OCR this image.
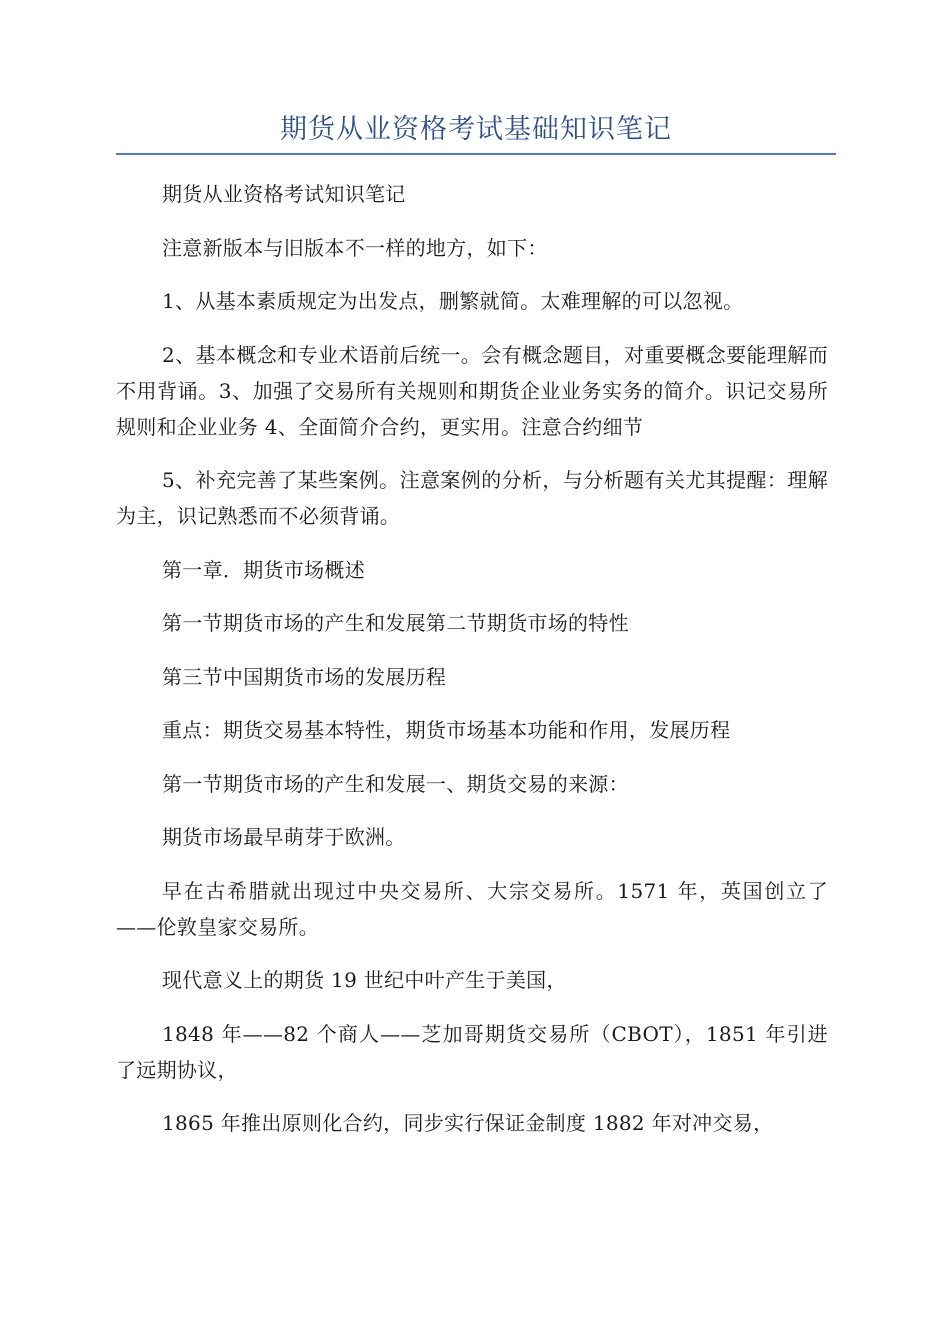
期货从业资格考试基础知识笔记

期货从业资格考试知识笔记

注意新版本与旧版本不一样的地方，如下：

1、从基本素质规定为出发点，删繁就简。太难理解的可以忽视。

2、基本概念和专业术语前后统一。会有概念题目，对重要概念要能理解而不用背诵。3、加强了交易所有关规则和期货企业业务实务的简介。识记交易所规则和企业业务 4、全面简介合约，更实用。注意合约细节

5、补充完善了某些案例。注意案例的分析，与分析题有关尤其提醒：理解为主，识记熟悉而不必须背诵。

第一章．期货市场概述

第一节期货市场的产生和发展第二节期货市场的特性

第三节中国期货市场的发展历程

重点：期货交易基本特性，期货市场基本功能和作用，发展历程

第一节期货市场的产生和发展一、期货交易的来源：

期货市场最早萌芽于欧洲。

早在古希腊就出现过中央交易所、大宗交易所。1571 年，英国创立了——伦敦皇家交易所。

现代意义上的期货 19 世纪中叶产生于美国，

1848 年——82 个商人——芝加哥期货交易所（CBOT），1851 年引进了远期协议，

1865 年推出原则化合约，同步实行保证金制度 1882 年对冲交易，
